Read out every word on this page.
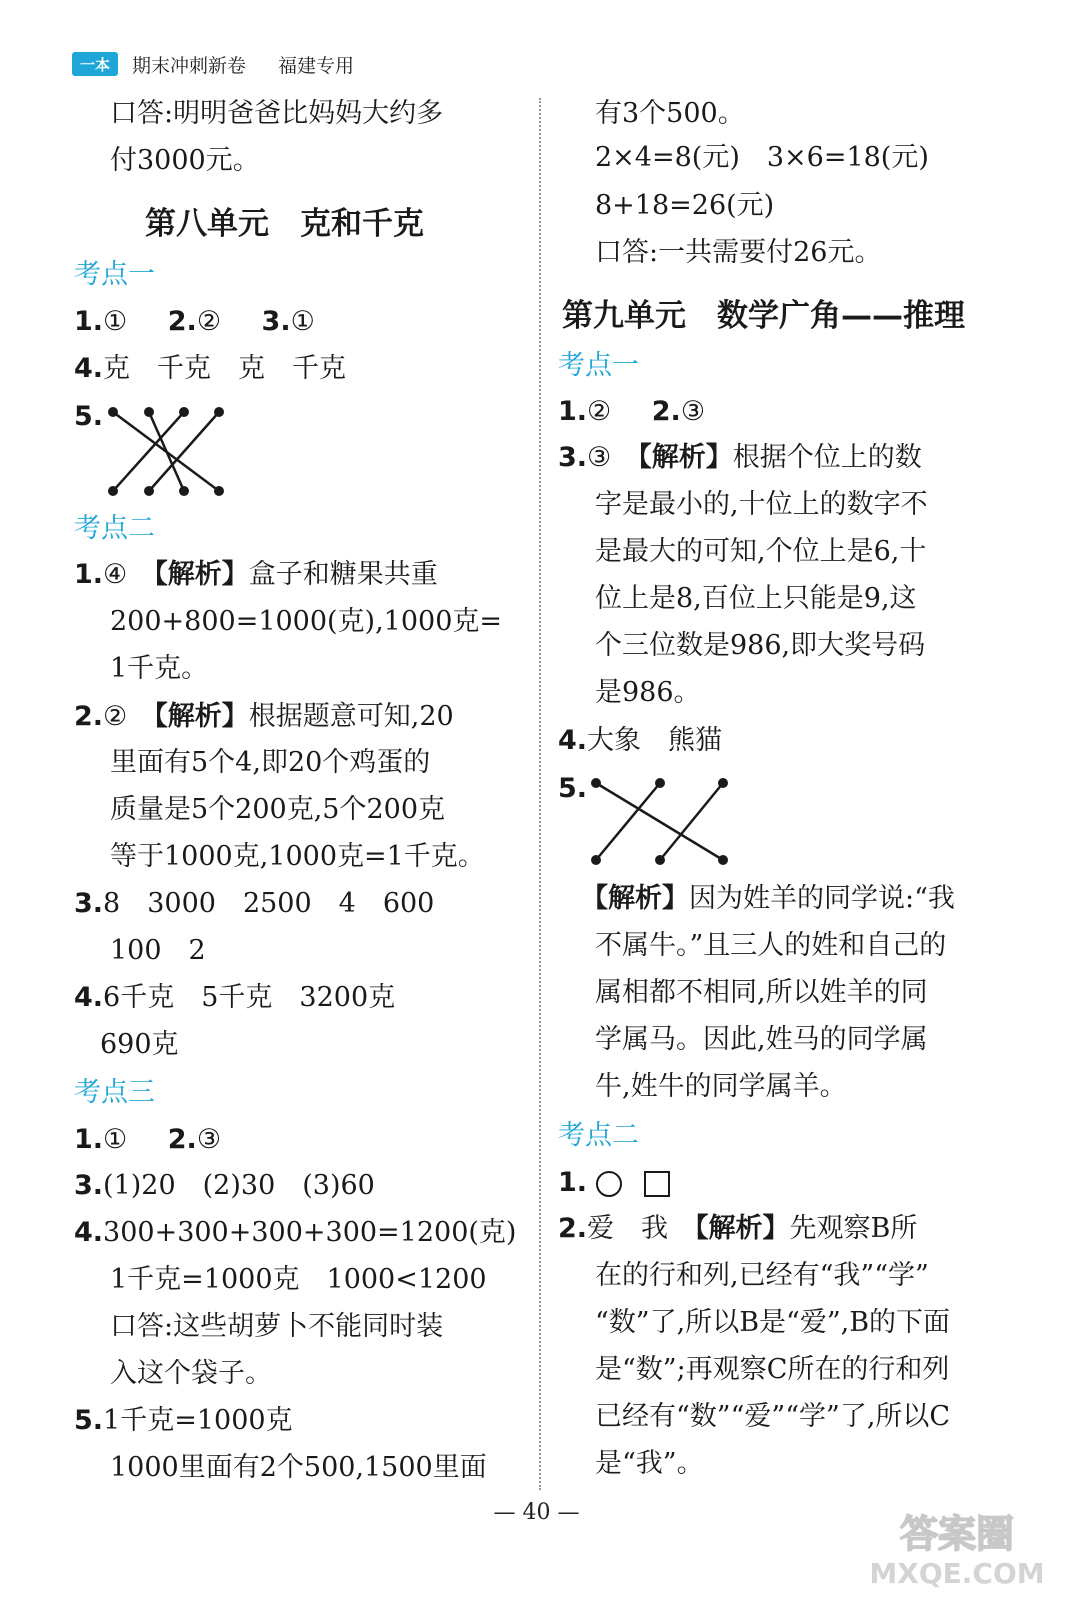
一本	期末冲刺新卷 福建专用
口答:明明爸爸比妈妈大约多
付3000元。
第八单元　克和千克
考点一
1.①   2.②   3.①
4.克　千克　克　千克
5.
考点二
1.④  【解析】盒子和糖果共重
200+800=1000(克),1000克=
1千克。
2.②  【解析】根据题意可知,20
里面有5个4,即20个鸡蛋的
质量是5个200克,5个200克
等于1000克,1000克=1千克。
3.8　3000　2500　4　600
100　2
4.6千克　5千克　3200克
690克
考点三
1.①   2.③
3.(1)20　(2)30　(3)60
4.300+300+300+300=1200(克)
1千克=1000克　1000<1200
口答:这些胡萝卜不能同时装
入这个袋子。
5.1千克=1000克
1000里面有2个500,1500里面
有3个500。
2×4=8(元)　3×6=18(元)
8+18=26(元)
口答:一共需要付26元。
第九单元　数学广角——推理
考点一
1.②   2.③
3.③  【解析】根据个位上的数
字是最小的,十位上的数字不
是最大的可知,个位上是6,十
位上是8,百位上只能是9,这
个三位数是986,即大奖号码
是986。
4.大象　熊猫
5.
【解析】因为姓羊的同学说:“我
不属牛。”且三人的姓和自己的
属相都不相同,所以姓羊的同
学属马。因此,姓马的同学属
牛,姓牛的同学属羊。
考点二
1.
2.爱　我  【解析】先观察B所
在的行和列,已经有“我”“学”
“数”了,所以B是“爱”,B的下面
是“数”;再观察C所在的行和列
已经有“数”“爱”“学”了,所以C
是“我”。
— 40 —	答案圈
MXQE.COM
